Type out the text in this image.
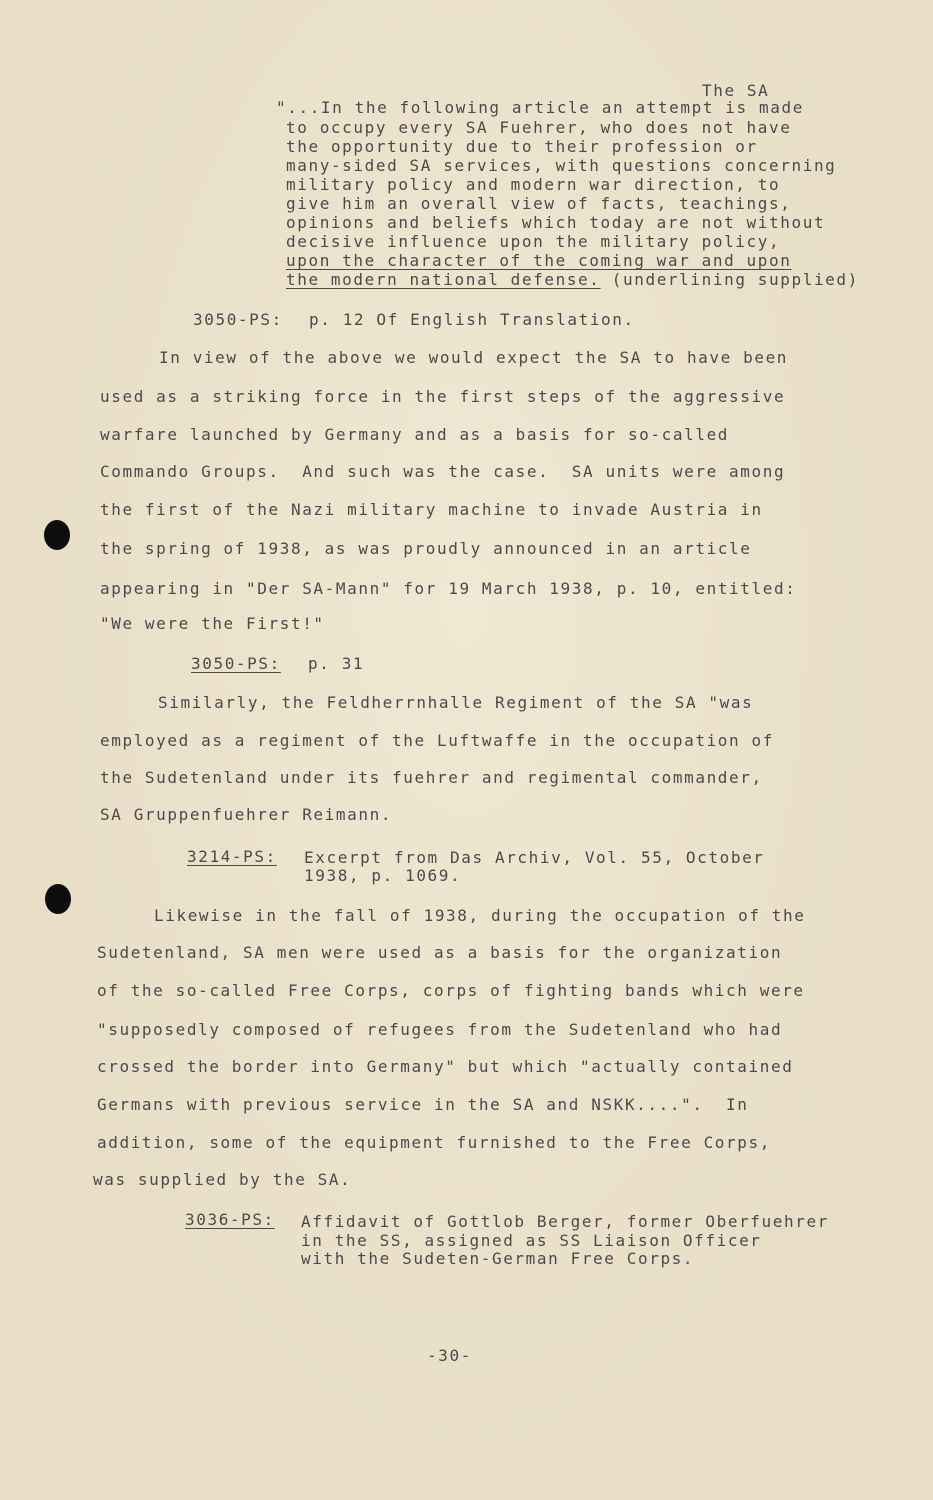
The SA
"...In the following article an attempt is made
to occupy every SA Fuehrer, who does not have
the opportunity due to their profession or
many-sided SA services, with questions concerning
military policy and modern war direction, to
give him an overall view of facts, teachings,
opinions and beliefs which today are not without
decisive influence upon the military policy,
upon the character of the coming war and upon
the modern national defense. (underlining supplied)
3050-PS: p. 12 Of English Translation.
In view of the above we would expect the SA to have been
used as a striking force in the first steps of the aggressive
warfare launched by Germany and as a basis for so-called
Commando Groups.  And such was the case.  SA units were among
the first of the Nazi military machine to invade Austria in
the spring of 1938, as was proudly announced in an article
appearing in "Der SA-Mann" for 19 March 1938, p. 10, entitled:
"We were the First!"
3050-PS: p. 31
Similarly, the Feldherrnhalle Regiment of the SA "was
employed as a regiment of the Luftwaffe in the occupation of
the Sudetenland under its fuehrer and regimental commander,
SA Gruppenfuehrer Reimann.
3214-PS: Excerpt from Das Archiv, Vol. 55, October
1938, p. 1069.
Likewise in the fall of 1938, during the occupation of the
Sudetenland, SA men were used as a basis for the organization
of the so-called Free Corps, corps of fighting bands which were
"supposedly composed of refugees from the Sudetenland who had
crossed the border into Germany" but which "actually contained
Germans with previous service in the SA and NSKK....".  In
addition, some of the equipment furnished to the Free Corps,
was supplied by the SA.
3036-PS: Affidavit of Gottlob Berger, former Oberfuehrer
in the SS, assigned as SS Liaison Officer
with the Sudeten-German Free Corps.
-30-
